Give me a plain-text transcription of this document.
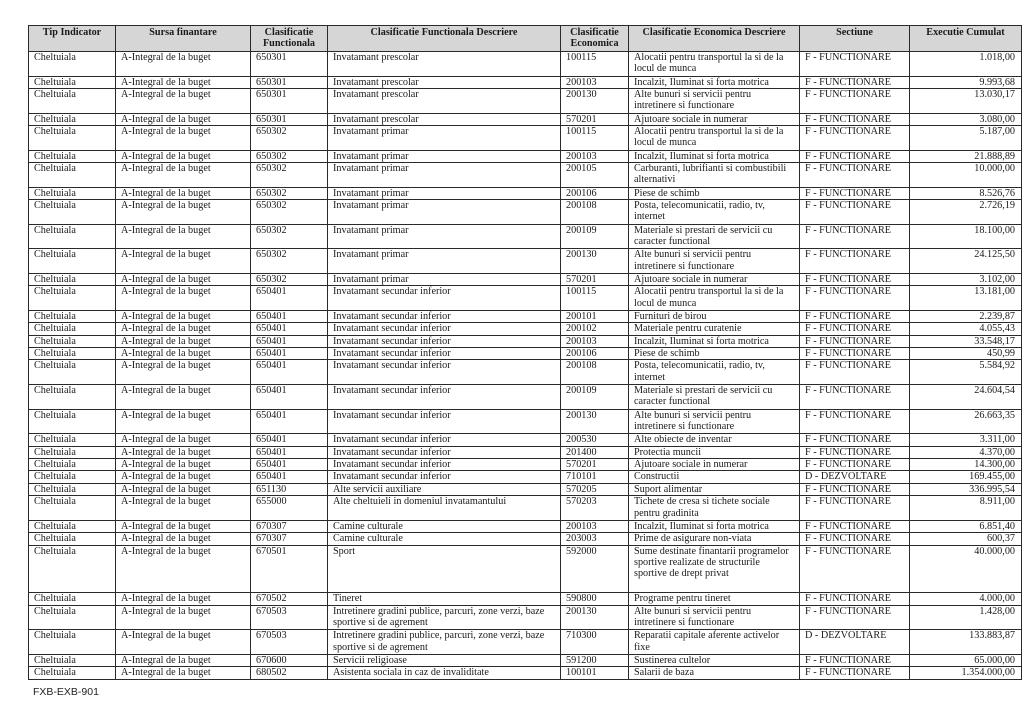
Tip Indicator	Sursa finantare	Clasificatie Functionala	Clasificatie Functionala Descriere	Clasificatie Economica	Clasificatie Economica Descriere	Sectiune	Executie Cumulat
Cheltuiala	A-Integral de la buget	650301	Invatamant prescolar	100115	Alocatii pentru transportul la si de la locul de munca	F - FUNCTIONARE	1.018,00
Cheltuiala	A-Integral de la buget	650301	Invatamant prescolar	200103	Incalzit, Iluminat si forta motrica	F - FUNCTIONARE	9.993,68
Cheltuiala	A-Integral de la buget	650301	Invatamant prescolar	200130	Alte bunuri si servicii pentru intretinere si functionare	F - FUNCTIONARE	13.030,17
Cheltuiala	A-Integral de la buget	650301	Invatamant prescolar	570201	Ajutoare sociale in numerar	F - FUNCTIONARE	3.080,00
Cheltuiala	A-Integral de la buget	650302	Invatamant primar	100115	Alocatii pentru transportul la si de la locul de munca	F - FUNCTIONARE	5.187,00
Cheltuiala	A-Integral de la buget	650302	Invatamant primar	200103	Incalzit, Iluminat si forta motrica	F - FUNCTIONARE	21.888,89
Cheltuiala	A-Integral de la buget	650302	Invatamant primar	200105	Carburanti, lubrifianti si combustibili alternativi	F - FUNCTIONARE	10.000,00
Cheltuiala	A-Integral de la buget	650302	Invatamant primar	200106	Piese de schimb	F - FUNCTIONARE	8.526,76
Cheltuiala	A-Integral de la buget	650302	Invatamant primar	200108	Posta, telecomunicatii, radio, tv, internet	F - FUNCTIONARE	2.726,19
Cheltuiala	A-Integral de la buget	650302	Invatamant primar	200109	Materiale si prestari de servicii cu caracter functional	F - FUNCTIONARE	18.100,00
Cheltuiala	A-Integral de la buget	650302	Invatamant primar	200130	Alte bunuri si servicii pentru intretinere si functionare	F - FUNCTIONARE	24.125,50
Cheltuiala	A-Integral de la buget	650302	Invatamant primar	570201	Ajutoare sociale in numerar	F - FUNCTIONARE	3.102,00
Cheltuiala	A-Integral de la buget	650401	Invatamant secundar inferior	100115	Alocatii pentru transportul la si de la locul de munca	F - FUNCTIONARE	13.181,00
Cheltuiala	A-Integral de la buget	650401	Invatamant secundar inferior	200101	Furnituri de birou	F - FUNCTIONARE	2.239,87
Cheltuiala	A-Integral de la buget	650401	Invatamant secundar inferior	200102	Materiale pentru curatenie	F - FUNCTIONARE	4.055,43
Cheltuiala	A-Integral de la buget	650401	Invatamant secundar inferior	200103	Incalzit, Iluminat si forta motrica	F - FUNCTIONARE	33.548,17
Cheltuiala	A-Integral de la buget	650401	Invatamant secundar inferior	200106	Piese de schimb	F - FUNCTIONARE	450,99
Cheltuiala	A-Integral de la buget	650401	Invatamant secundar inferior	200108	Posta, telecomunicatii, radio, tv, internet	F - FUNCTIONARE	5.584,92
Cheltuiala	A-Integral de la buget	650401	Invatamant secundar inferior	200109	Materiale si prestari de servicii cu caracter functional	F - FUNCTIONARE	24.604,54
Cheltuiala	A-Integral de la buget	650401	Invatamant secundar inferior	200130	Alte bunuri si servicii pentru intretinere si functionare	F - FUNCTIONARE	26.663,35
Cheltuiala	A-Integral de la buget	650401	Invatamant secundar inferior	200530	Alte obiecte de inventar	F - FUNCTIONARE	3.311,00
Cheltuiala	A-Integral de la buget	650401	Invatamant secundar inferior	201400	Protectia muncii	F - FUNCTIONARE	4.370,00
Cheltuiala	A-Integral de la buget	650401	Invatamant secundar inferior	570201	Ajutoare sociale in numerar	F - FUNCTIONARE	14.300,00
Cheltuiala	A-Integral de la buget	650401	Invatamant secundar inferior	710101	Constructii	D - DEZVOLTARE	169.455,00
Cheltuiala	A-Integral de la buget	651130	Alte servicii auxiliare	570205	Suport alimentar	F - FUNCTIONARE	336.995,54
Cheltuiala	A-Integral de la buget	655000	Alte cheltuieli in domeniul invatamantului	570203	Tichete de cresa si tichete sociale pentru gradinita	F - FUNCTIONARE	8.911,00
Cheltuiala	A-Integral de la buget	670307	Camine culturale	200103	Incalzit, Iluminat si forta motrica	F - FUNCTIONARE	6.851,40
Cheltuiala	A-Integral de la buget	670307	Camine culturale	203003	Prime de asigurare non-viata	F - FUNCTIONARE	600,37
Cheltuiala	A-Integral de la buget	670501	Sport	592000	Sume destinate finantarii programelor sportive realizate de structurile sportive de drept privat	F - FUNCTIONARE	40.000,00
Cheltuiala	A-Integral de la buget	670502	Tineret	590800	Programe pentru tineret	F - FUNCTIONARE	4.000,00
Cheltuiala	A-Integral de la buget	670503	Intretinere gradini publice, parcuri, zone verzi, baze sportive si de agrement	200130	Alte bunuri si servicii pentru intretinere si functionare	F - FUNCTIONARE	1.428,00
Cheltuiala	A-Integral de la buget	670503	Intretinere gradini publice, parcuri, zone verzi, baze sportive si de agrement	710300	Reparatii capitale aferente activelor fixe	D - DEZVOLTARE	133.883,87
Cheltuiala	A-Integral de la buget	670600	Servicii religioase	591200	Sustinerea cultelor	F - FUNCTIONARE	65.000,00
Cheltuiala	A-Integral de la buget	680502	Asistenta sociala in caz de invaliditate	100101	Salarii de baza	F - FUNCTIONARE	1.354.000,00
FXB-EXB-901
